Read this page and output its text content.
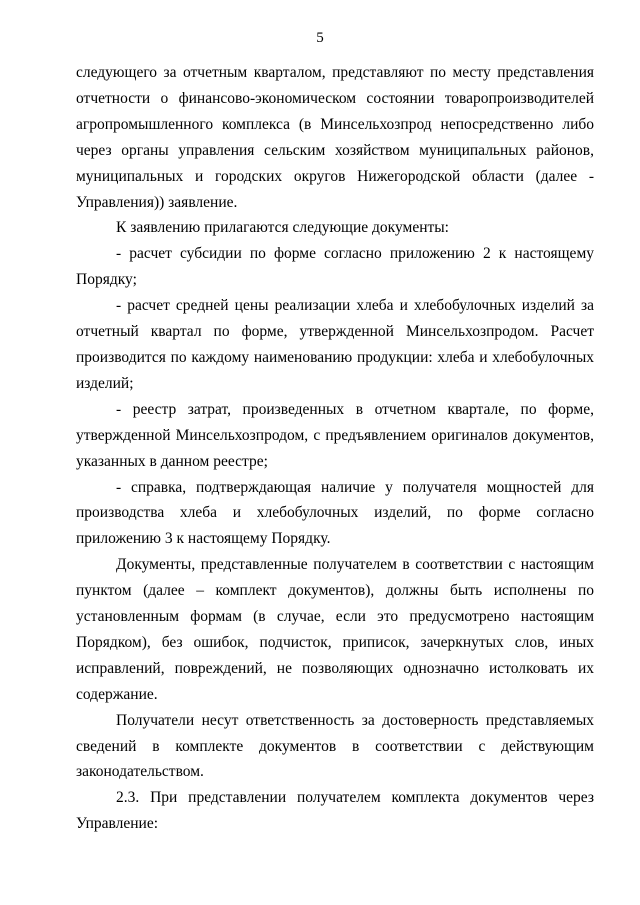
5

следующего за отчетным кварталом, представляют по месту представления отчетности о финансово-экономическом состоянии товаропроизводителей агропромышленного комплекса (в Минсельхозпрод непосредственно либо через органы управления сельским хозяйством муниципальных районов, муниципальных и городских округов Нижегородской области (далее - Управления)) заявление.

К заявлению прилагаются следующие документы:

- расчет субсидии по форме согласно приложению 2 к настоящему Порядку;

- расчет средней цены реализации хлеба и хлебобулочных изделий за отчетный квартал по форме, утвержденной Минсельхозпродом. Расчет производится по каждому наименованию продукции: хлеба и хлебобулочных изделий;

- реестр затрат, произведенных в отчетном квартале, по форме, утвержденной Минсельхозпродом, с предъявлением оригиналов документов, указанных в данном реестре;

- справка, подтверждающая наличие у получателя мощностей для производства хлеба и хлебобулочных изделий, по форме согласно приложению 3 к настоящему Порядку.

Документы, представленные получателем в соответствии с настоящим пунктом (далее – комплект документов), должны быть исполнены по установленным формам (в случае, если это предусмотрено настоящим Порядком), без ошибок, подчисток, приписок, зачеркнутых слов, иных исправлений, повреждений, не позволяющих однозначно истолковать их содержание.

Получатели несут ответственность за достоверность представляемых сведений в комплекте документов в соответствии с действующим законодательством.

2.3. При представлении получателем комплекта документов через Управление:
